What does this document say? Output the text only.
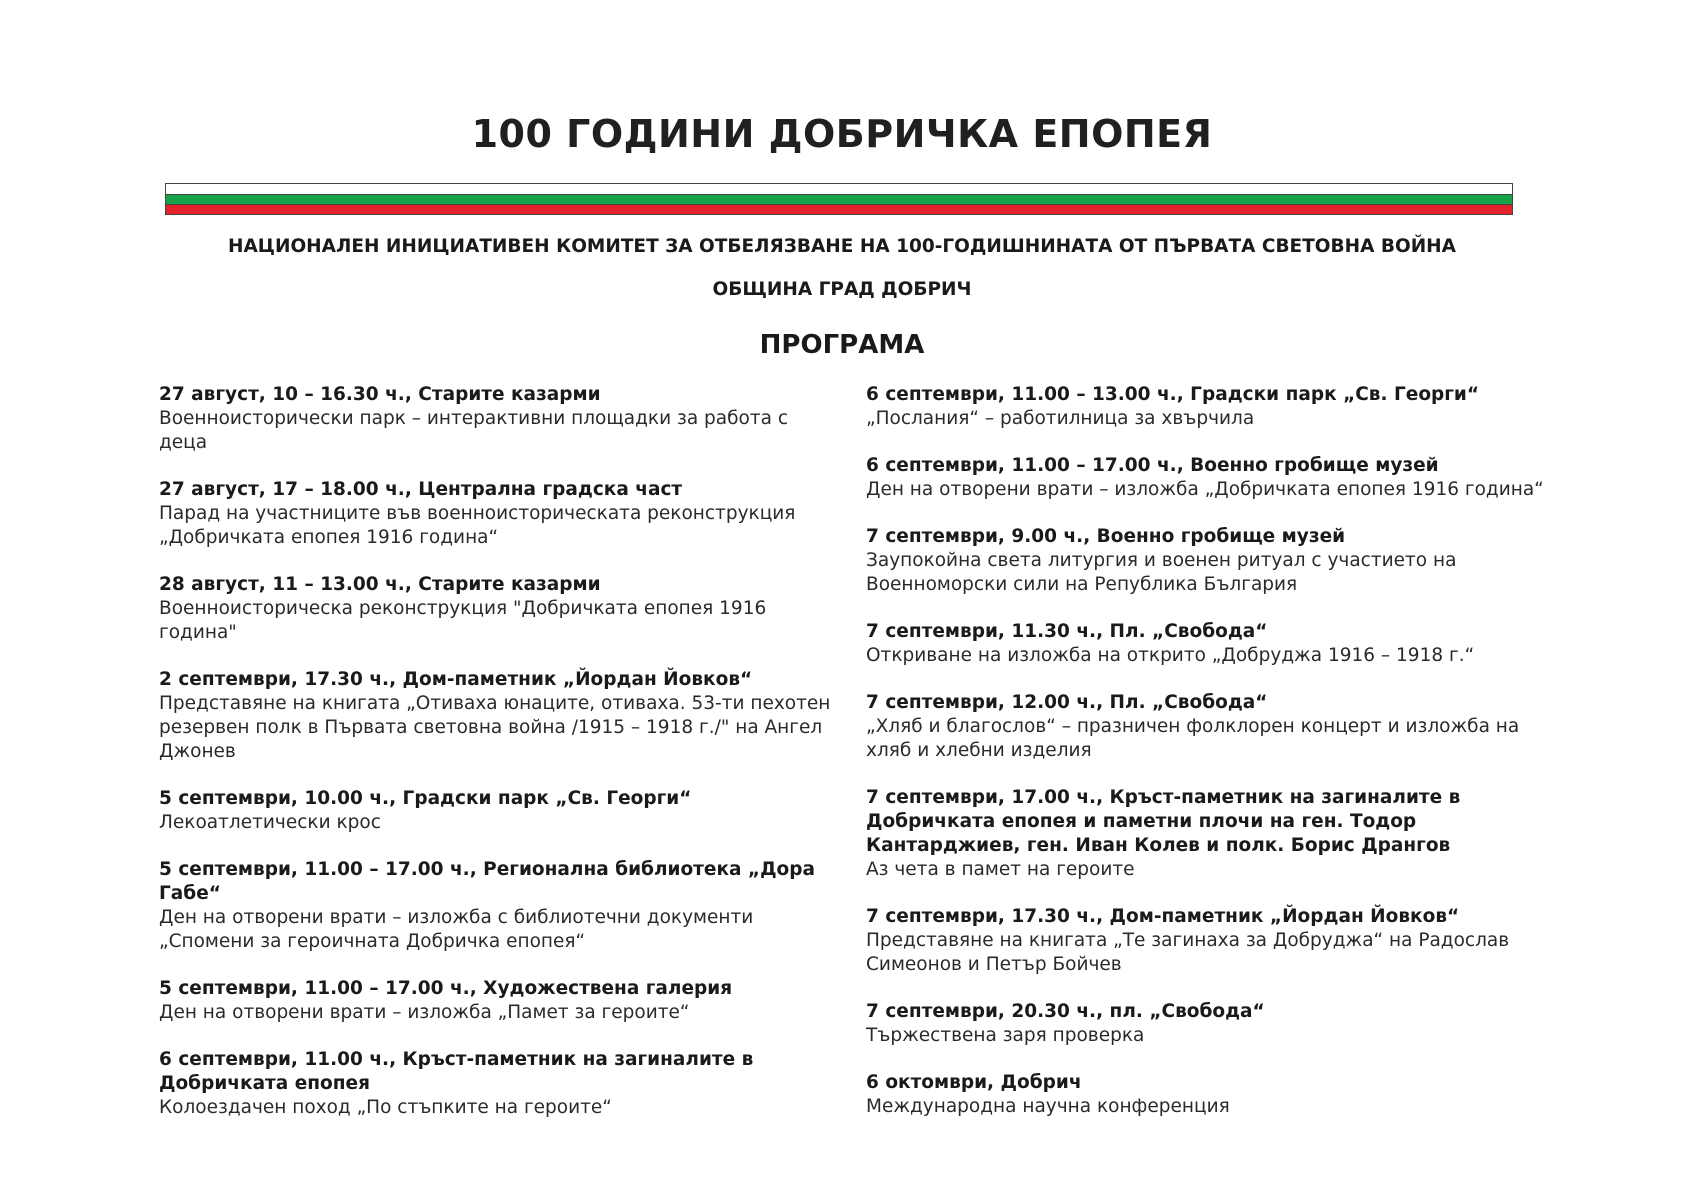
100 ГОДИНИ ДОБРИЧКА ЕПОПЕЯ
НАЦИОНАЛЕН ИНИЦИАТИВЕН КОМИТЕТ ЗА ОТБЕЛЯЗВАНЕ НА 100-ГОДИШНИНАТА ОТ ПЪРВАТА СВЕТОВНА ВОЙНА
ОБЩИНА ГРАД ДОБРИЧ
ПРОГРАМА
27 август, 10 – 16.30 ч., Старите казарми
Военноисторически парк – интерактивни площадки за работа с деца
27 август, 17 – 18.00 ч., Централна градска част
Парад на участниците във военноисторическата реконструкция „Добричката епопея 1916 година“
28 август, 11 – 13.00 ч., Старите казарми
Военноисторическа реконструкция "Добричката епопея 1916 година"
2 септември, 17.30 ч., Дом-паметник „Йордан Йовков“
Представяне на книгата „Отиваха юнаците, отиваха. 53-ти пехотен резервен полк в Първата световна война /1915 – 1918 г./" на Ангел Джонев
5 септември, 10.00 ч., Градски парк „Св. Георги“
Лекоатлетически крос
5 септември, 11.00 – 17.00 ч., Регионална библиотека „Дора Габе“
Ден на отворени врати – изложба с библиотечни документи „Спомени за героичната Добричка епопея“
5 септември, 11.00 – 17.00 ч., Художествена галерия
Ден на отворени врати – изложба „Памет за героите“
6 септември, 11.00 ч., Кръст-паметник на загиналите в Добричката епопея
Колоездачен поход „По стъпките на героите“
6 септември, 11.00 – 13.00 ч., Градски парк „Св. Георги“
„Послания“ – работилница за хвърчила
6 септември, 11.00 – 17.00 ч., Военно гробище музей
Ден на отворени врати – изложба „Добричката епопея 1916 година“
7 септември, 9.00 ч., Военно гробище музей
Заупокойна света литургия и военен ритуал с участието на Военноморски сили на Република България
7 септември, 11.30 ч., Пл. „Свобода“
Откриване на изложба на открито „Добруджа 1916 – 1918 г.“
7 септември, 12.00 ч., Пл. „Свобода“
„Хляб и благослов“ – празничен фолклорен концерт и изложба на хляб и хлебни изделия
7 септември, 17.00 ч., Кръст-паметник на загиналите в Добричката епопея и паметни плочи на ген. Тодор Кантарджиев, ген. Иван Колев и полк. Борис Дрангов
Аз чета в памет на героите
7 септември, 17.30 ч., Дом-паметник „Йордан Йовков“
Представяне на книгата „Те загинаха за Добруджа“ на Радослав Симеонов и Петър Бойчев
7 септември, 20.30 ч., пл. „Свобода“
Тържествена заря проверка
6 октомври, Добрич
Международна научна конференция
